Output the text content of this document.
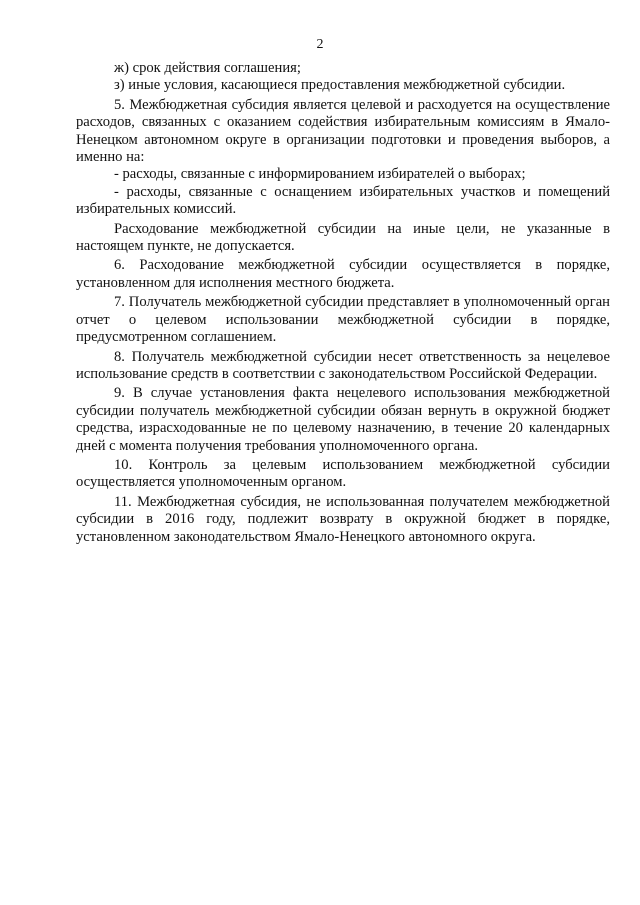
2

ж) срок действия соглашения;

з) иные условия, касающиеся предоставления межбюджетной субсидии.

5. Межбюджетная субсидия является целевой и расходуется на осуществление расходов, связанных с оказанием содействия избирательным комиссиям в Ямало-Ненецком автономном округе в организации подготовки и проведения выборов, а именно на:

- расходы, связанные с информированием избирателей о выборах;

- расходы, связанные с оснащением избирательных участков и помещений избирательных комиссий.

Расходование межбюджетной субсидии на иные цели, не указанные в настоящем пункте, не допускается.

6. Расходование межбюджетной субсидии осуществляется в порядке, установленном для исполнения местного бюджета.

7. Получатель межбюджетной субсидии представляет в уполномоченный орган отчет о целевом использовании межбюджетной субсидии в порядке, предусмотренном соглашением.

8. Получатель межбюджетной субсидии несет ответственность за нецелевое использование средств в соответствии с законодательством Российской Федерации.

9. В случае установления факта нецелевого использования межбюджетной субсидии получатель межбюджетной субсидии обязан вернуть в окружной бюджет средства, израсходованные не по целевому назначению, в течение 20 календарных дней с момента получения требования уполномоченного органа.

10. Контроль за целевым использованием межбюджетной субсидии осуществляется уполномоченным органом.

11. Межбюджетная субсидия, не использованная получателем межбюджетной субсидии в 2016 году, подлежит возврату в окружной бюджет в порядке, установленном законодательством Ямало-Ненецкого автономного округа.
